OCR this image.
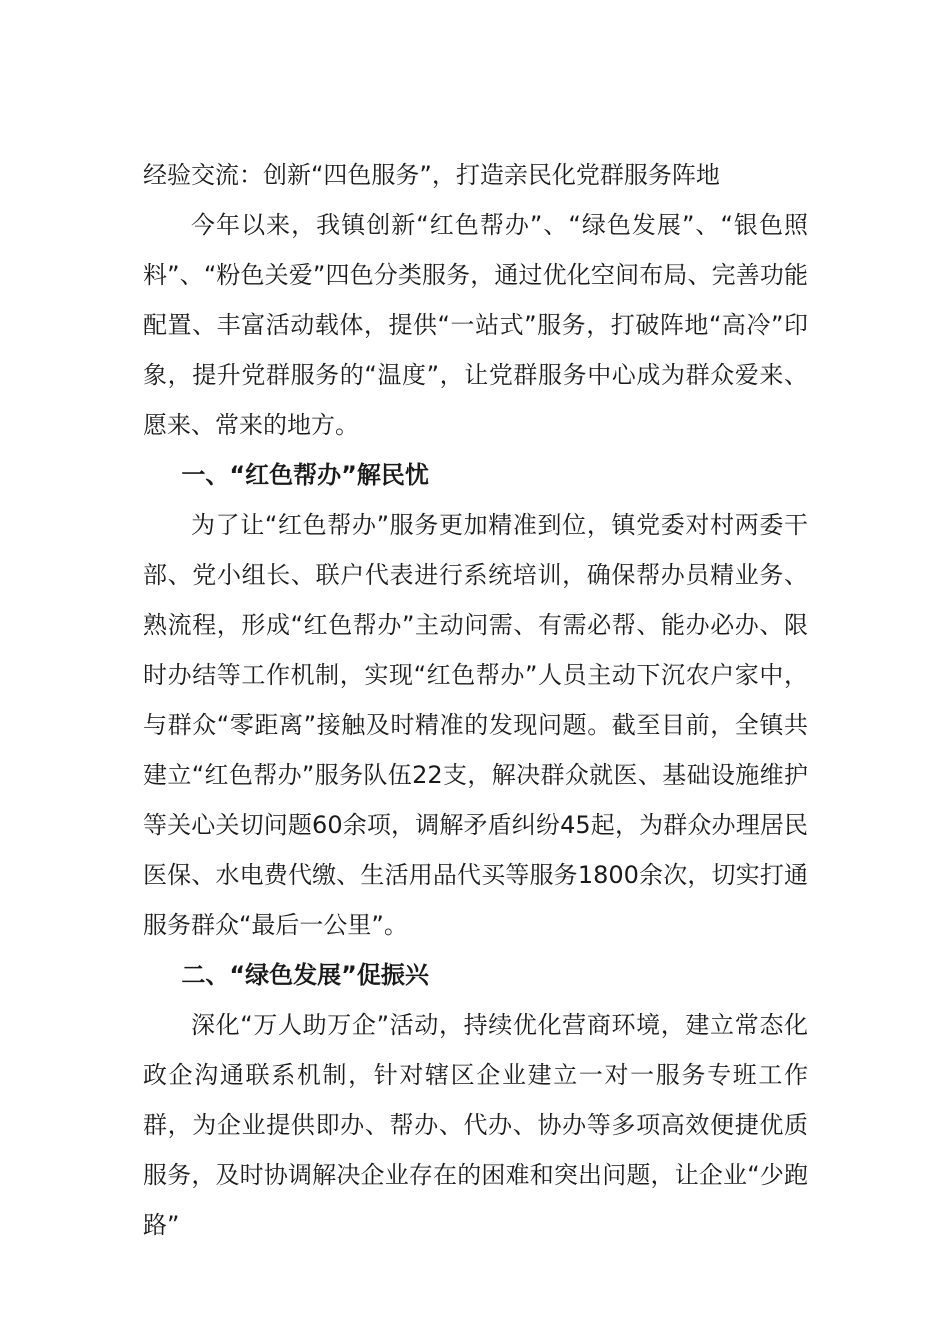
经验交流：创新“四色服务”，打造亲民化党群服务阵地

今年以来，我镇创新“红色帮办”、“绿色发展”、“银色照料”、“粉色关爱”四色分类服务，通过优化空间布局、完善功能配置、丰富活动载体，提供“一站式”服务，打破阵地“高冷”印象，提升党群服务的“温度”，让党群服务中心成为群众爱来、愿来、常来的地方。

一、“红色帮办”解民忧

为了让“红色帮办”服务更加精准到位，镇党委对村两委干部、党小组长、联户代表进行系统培训，确保帮办员精业务、熟流程，形成“红色帮办”主动问需、有需必帮、能办必办、限时办结等工作机制，实现“红色帮办”人员主动下沉农户家中，与群众“零距离”接触及时精准的发现问题。截至目前，全镇共建立“红色帮办”服务队伍22支，解决群众就医、基础设施维护等关心关切问题60余项，调解矛盾纠纷45起，为群众办理居民医保、水电费代缴、生活用品代买等服务1800余次，切实打通服务群众“最后一公里”。

二、“绿色发展”促振兴

深化“万人助万企”活动，持续优化营商环境，建立常态化政企沟通联系机制，针对辖区企业建立一对一服务专班工作群，为企业提供即办、帮办、代办、协办等多项高效便捷优质服务，及时协调解决企业存在的困难和突出问题，让企业“少跑路”
